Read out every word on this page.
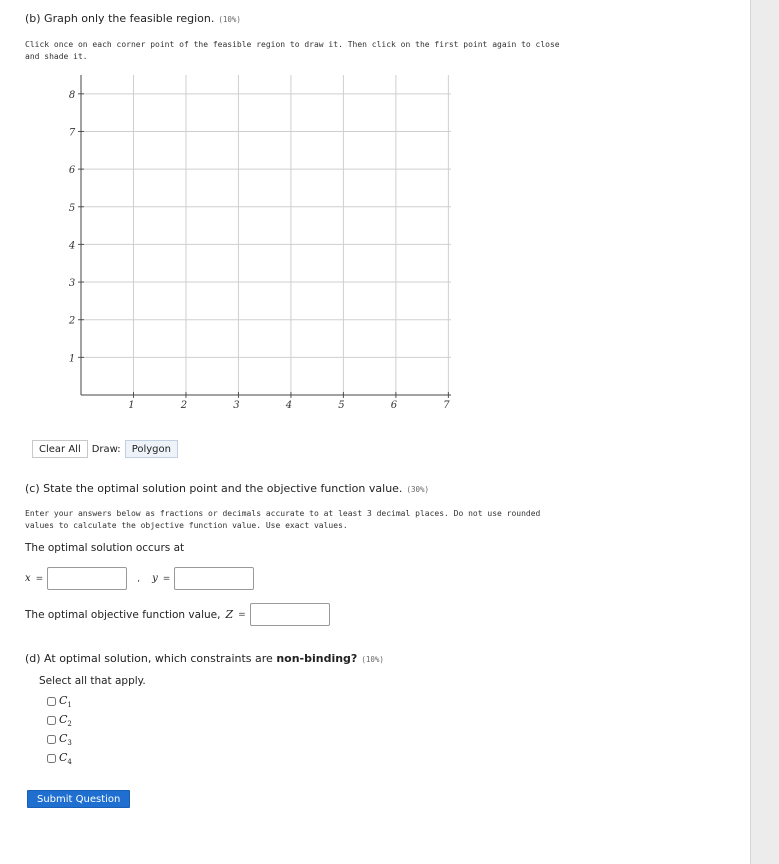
(b) Graph only the feasible region. (10%)
Click once on each corner point of the feasible region to draw it. Then click on the first point again to close and shade it.
1	2	3	4	5	6	7
1
2
3
4
5
6
7
8
Clear All	Draw:	Polygon
(c) State the optimal solution point and the objective function value. (30%)
Enter your answers below as fractions or decimals accurate to at least 3 decimal places. Do not use rounded values to calculate the objective function value. Use exact values.
The optimal solution occurs at
x =	, y =
The optimal objective function value, Z =
(d) At optimal solution, which constraints are non-binding? (10%)
Select all that apply.
$C_1$
$C_2$
$C_3$
$C_4$
Submit Question
